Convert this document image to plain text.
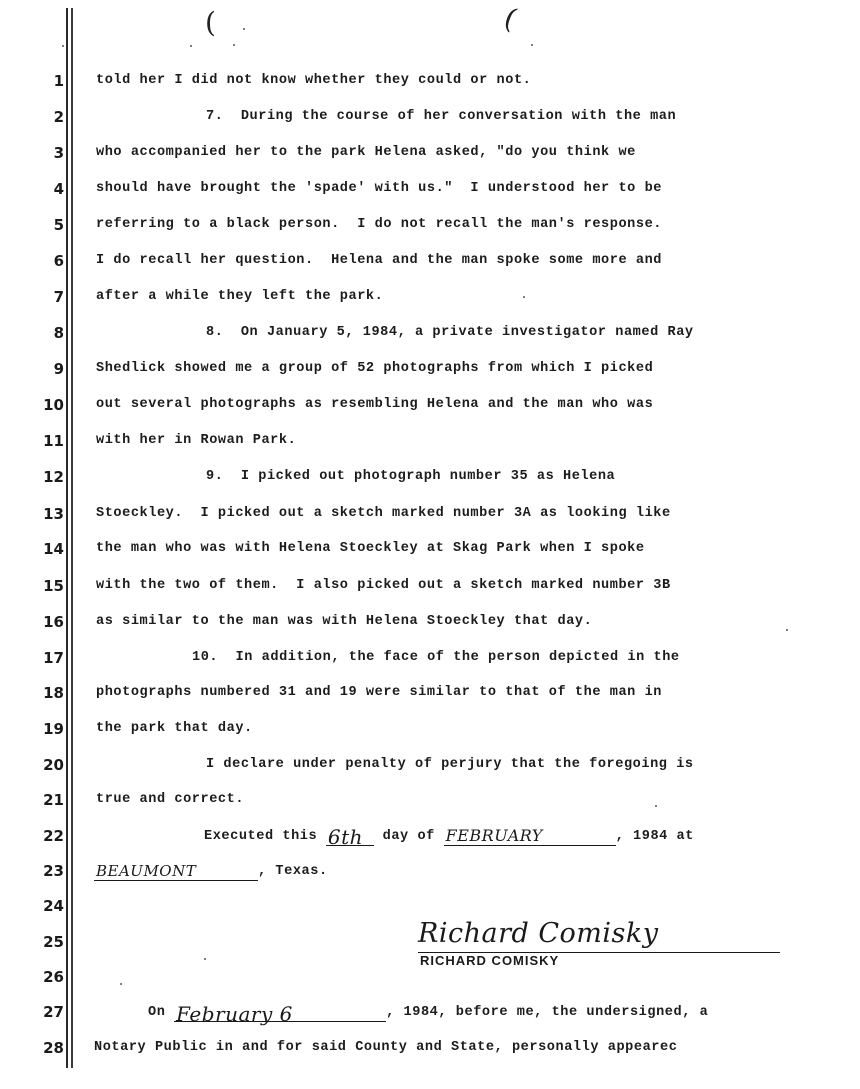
(	(
1
2
3
4
5
6
7
8
9
10
11
12
13
14
15
16
17
18
19
20
21
22
23
24
25
26
27
28
told her I did not know whether they could or not.
7.  During the course of her conversation with the man
who accompanied her to the park Helena asked, "do you think we
should have brought the 'spade' with us."  I understood her to be
referring to a black person.  I do not recall the man's response.
I do recall her question.  Helena and the man spoke some more and
after a while they left the park.
8.  On January 5, 1984, a private investigator named Ray
Shedlick showed me a group of 52 photographs from which I picked
out several photographs as resembling Helena and the man who was
with her in Rowan Park.
9.  I picked out photograph number 35 as Helena
Stoeckley.  I picked out a sketch marked number 3A as looking like
the man who was with Helena Stoeckley at Skag Park when I spoke
with the two of them.  I also picked out a sketch marked number 3B
as similar to the man was with Helena Stoeckley that day.
10.  In addition, the face of the person depicted in the
photographs numbered 31 and 19 were similar to that of the man in
the park that day.
I declare under penalty of perjury that the foregoing is
true and correct.
Executed this 6th day of FEBRUARY	, 1984 at
BEAUMONT	, Texas.
Richard Comisky
RICHARD COMISKY
On February 6	, 1984, before me, the undersigned, a
Notary Public in and for said County and State, personally appearec
